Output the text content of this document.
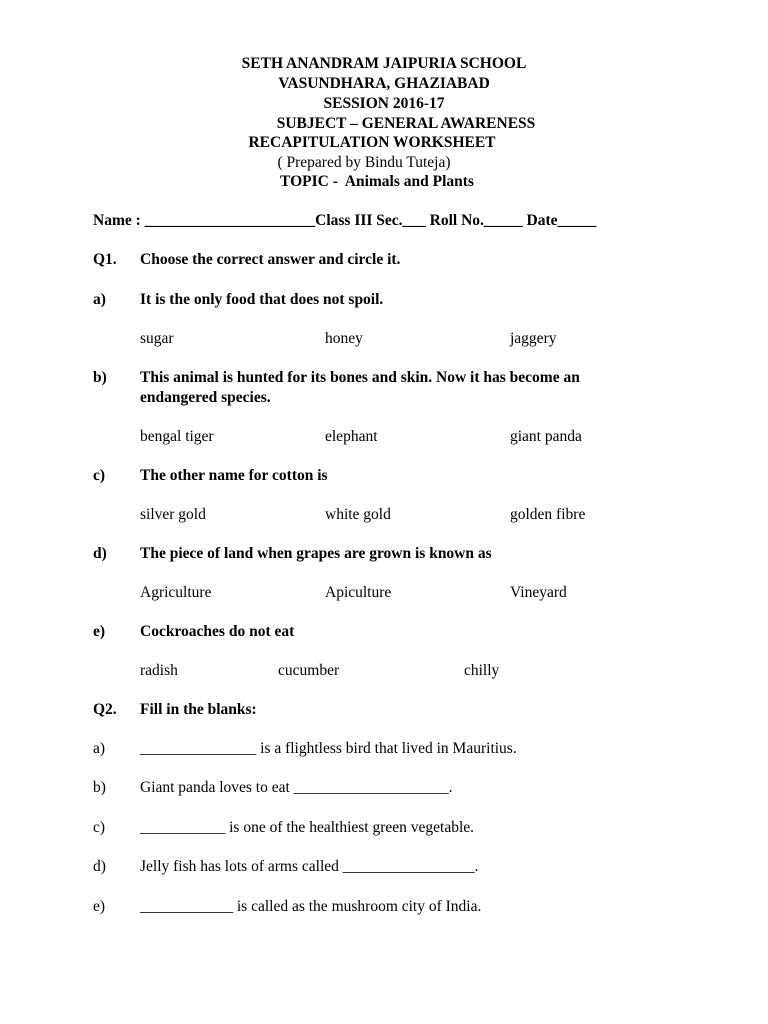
SETH ANANDRAM JAIPURIA SCHOOL
VASUNDHARA, GHAZIABAD
SESSION 2016-17
SUBJECT – GENERAL AWARENESS
RECAPITULATION WORKSHEET
( Prepared by Bindu Tuteja)
TOPIC -  Animals and Plants
Name : ______________________Class III Sec.___ Roll No._____ Date_____
Q1. Choose the correct answer and circle it.
a) It is the only food that does not spoil.
sugar	honey	jaggery
b) This animal is hunted for its bones and skin. Now it has become an
endangered species.
bengal tiger	elephant	giant panda
c) The other name for cotton is
silver gold	white gold	golden fibre
d) The piece of land when grapes are grown is known as
Agriculture	Apiculture	Vineyard
e) Cockroaches do not eat
radish	cucumber	chilly
Q2. Fill in the blanks:
a) _______________ is a flightless bird that lived in Mauritius.
b) Giant panda loves to eat ____________________.
c) ___________ is one of the healthiest green vegetable.
d) Jelly fish has lots of arms called _________________.
e) ____________ is called as the mushroom city of India.
